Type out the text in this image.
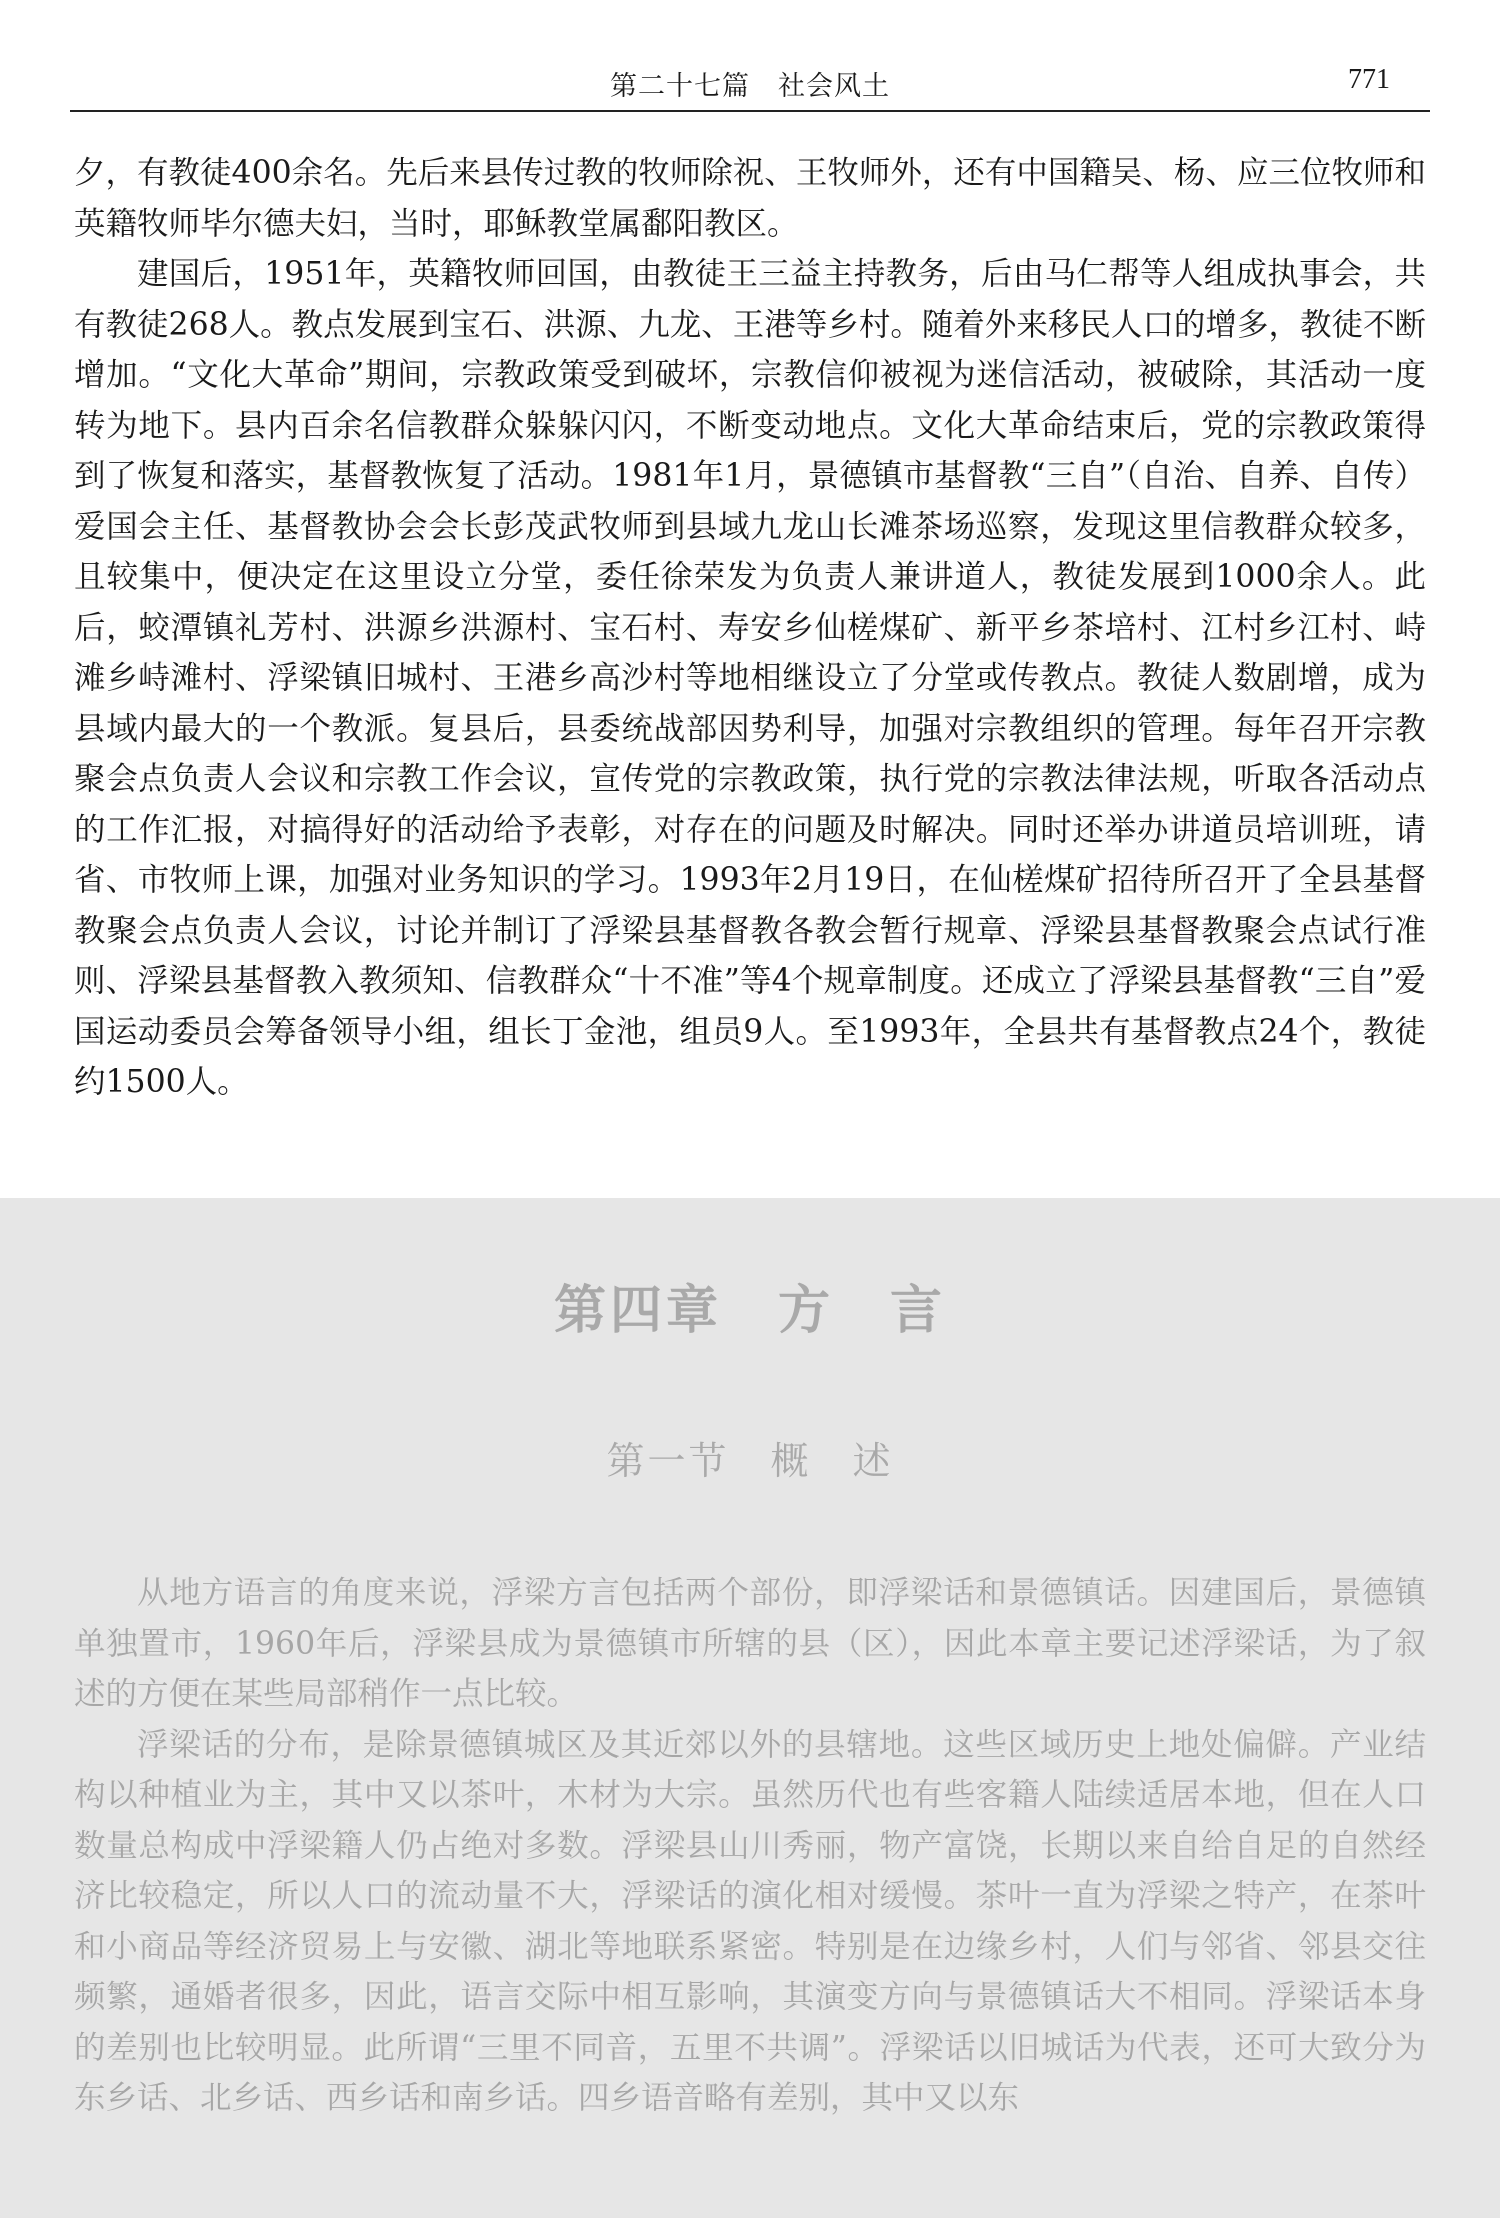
第二十七篇　社会风土	771

夕，有教徒400余名。先后来县传过教的牧师除祝、王牧师外，还有中国籍吴、杨、应三位牧师和英籍牧师毕尔德夫妇，当时，耶稣教堂属鄱阳教区。

建国后，1951年，英籍牧师回国，由教徒王三益主持教务，后由马仁帮等人组成执事会，共有教徒268人。教点发展到宝石、洪源、九龙、王港等乡村。随着外来移民人口的增多，教徒不断增加。“文化大革命”期间，宗教政策受到破坏，宗教信仰被视为迷信活动，被破除，其活动一度转为地下。县内百余名信教群众躲躲闪闪，不断变动地点。文化大革命结束后，党的宗教政策得到了恢复和落实，基督教恢复了活动。1981年1月，景德镇市基督教“三自”（自治、自养、自传）爱国会主任、基督教协会会长彭茂武牧师到县域九龙山长滩茶场巡察，发现这里信教群众较多，且较集中，便决定在这里设立分堂，委任徐荣发为负责人兼讲道人，教徒发展到1000余人。此后，蛟潭镇礼芳村、洪源乡洪源村、宝石村、寿安乡仙槎煤矿、新平乡茶培村、江村乡江村、峙滩乡峙滩村、浮梁镇旧城村、王港乡高沙村等地相继设立了分堂或传教点。教徒人数剧增，成为县域内最大的一个教派。复县后，县委统战部因势利导，加强对宗教组织的管理。每年召开宗教聚会点负责人会议和宗教工作会议，宣传党的宗教政策，执行党的宗教法律法规，听取各活动点的工作汇报，对搞得好的活动给予表彰，对存在的问题及时解决。同时还举办讲道员培训班，请省、市牧师上课，加强对业务知识的学习。1993年2月19日，在仙槎煤矿招待所召开了全县基督教聚会点负责人会议，讨论并制订了浮梁县基督教各教会暂行规章、浮梁县基督教聚会点试行准则、浮梁县基督教入教须知、信教群众“十不准”等4个规章制度。还成立了浮梁县基督教“三自”爱国运动委员会筹备领导小组，组长丁金池，组员9人。至1993年，全县共有基督教点24个，教徒约1500人。

第四章　方　言
第一节　概　述

从地方语言的角度来说，浮梁方言包括两个部份，即浮梁话和景德镇话。因建国后，景德镇单独置市，1960年后，浮梁县成为景德镇市所辖的县（区），因此本章主要记述浮梁话，为了叙述的方便在某些局部稍作一点比较。

浮梁话的分布，是除景德镇城区及其近郊以外的县辖地。这些区域历史上地处偏僻。产业结构以种植业为主，其中又以茶叶，木材为大宗。虽然历代也有些客籍人陆续适居本地，但在人口数量总构成中浮梁籍人仍占绝对多数。浮梁县山川秀丽，物产富饶，长期以来自给自足的自然经济比较稳定，所以人口的流动量不大，浮梁话的演化相对缓慢。茶叶一直为浮梁之特产，在茶叶和小商品等经济贸易上与安徽、湖北等地联系紧密。特别是在边缘乡村，人们与邻省、邻县交往频繁，通婚者很多，因此，语言交际中相互影响，其演变方向与景德镇话大不相同。浮梁话本身的差别也比较明显。此所谓“三里不同音，五里不共调”。浮梁话以旧城话为代表，还可大致分为东乡话、北乡话、西乡话和南乡话。四乡语音略有差别，其中又以东
